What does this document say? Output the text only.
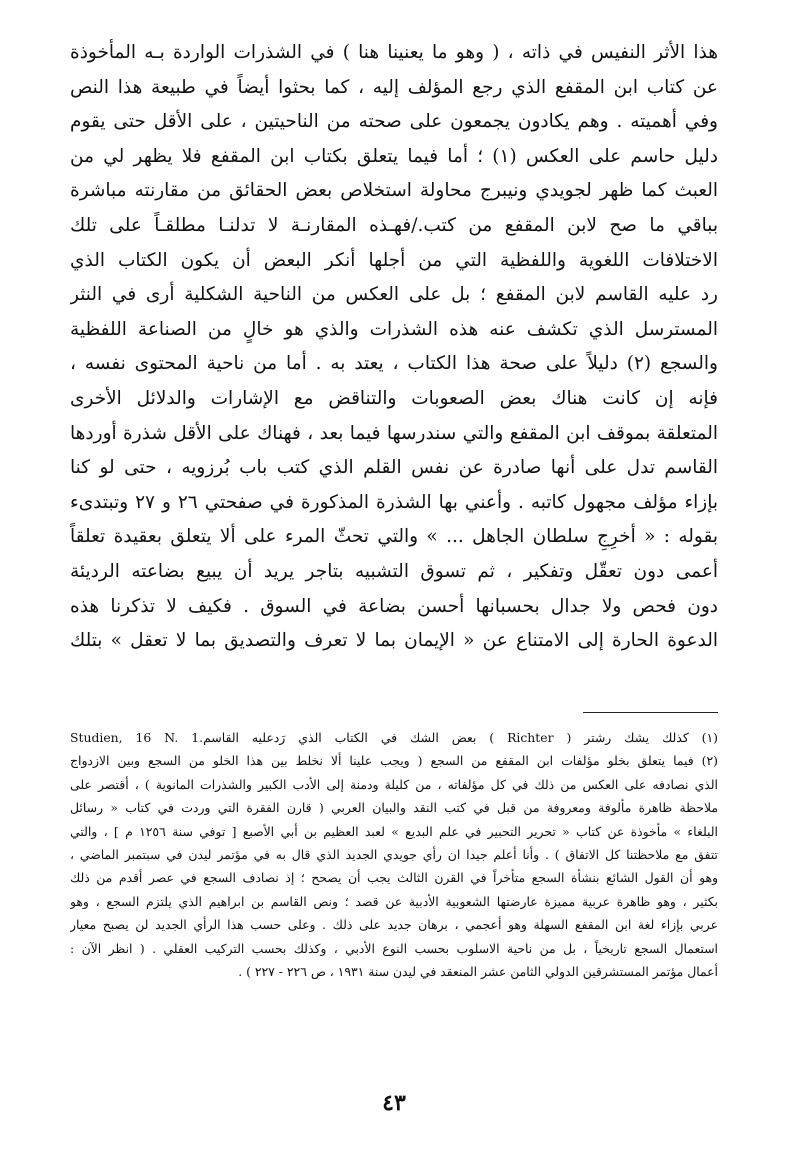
هذا الأثر النفيس في ذاته ، ( وهو ما يعنينا هنا ) في الشذرات الواردة بـه المأخوذة
عن كتاب ابن المقفع الذي رجع المؤلف إليه ، كما بحثوا أيضاً في طبيعة هذا النص
وفي أهميته . وهم يكادون يجمعون على صحته من الناحيتين ، على الأقل حتى يقوم
دليل حاسم على العكس (١) ؛ أما فيما يتعلق بكتاب ابن المقفع فلا يظهر لي من
العبث كما ظهر لجويدي ونيبرج محاولة استخلاص بعض الحقائق من مقارنته مباشرة
بباقي ما صح لابن المقفع من كتب./فهـذه المقارنـة لا تدلنـا مطلقـاً على تلك
الاختلافات اللغوية واللفظية التي من أجلها أنكر البعض أن يكون الكتاب الذي
رد عليه القاسم لابن المقفع ؛ بل على العكس من الناحية الشكلية أرى في النثر
المسترسل الذي تكشف عنه هذه الشذرات والذي هو خالٍ من الصناعة اللفظية
والسجع (٢) دليلاً على صحة هذا الكتاب ، يعتد به . أما من ناحية المحتوى نفسه ،
فإنه إن كانت هناك بعض الصعوبات والتناقض مع الإشارات والدلائل الأخرى
المتعلقة بموقف ابن المقفع والتي سندرسها فيما بعد ، فهناك على الأقل شذرة أوردها
القاسم تدل على أنها صادرة عن نفس القلم الذي كتب باب بُرزويه ، حتى لو كنا
بإزاء مؤلف مجهول كاتبه . وأعني بها الشذرة المذكورة في صفحتي ٢٦ و ٢٧ وتبتدىء
بقوله : « أخرِجِ سلطان الجاهل ... » والتي تحثّ المرء على ألا يتعلق بعقيدة تعلقاً
أعمى دون تعقّل وتفكير ، ثم تسوق التشبيه بتاجر يريد أن يبيع بضاعته الرديئة
دون فحص ولا جدال بحسبانها أحسن بضاعة في السوق . فكيف لا تذكرنا هذه
الدعوة الحارة إلى الامتناع عن « الإيمان بما لا تعرف والتصديق بما لا تعقل » بتلك
(١) كذلك يشك رشتر ( Richter ) بعض الشك في الكتاب الذي رَدعليه القاسم.Studien, 16 N. 1
(٢) فيما يتعلق بخلو مؤلفات ابن المقفع من السجع ( ويجب علينا ألا نخلط بين هذا الخلو من السجع وبين الازدواج
الذي نصادفه على العكس من ذلك في كل مؤلفاته ، من كليلة ودمنة إلى الأدب الكبير والشذرات المانوية ) ، أقتصر على
ملاحظة ظاهرة مألوفة ومعروفة من قبل في كتب النقد والبيان العربي ( قارن الفقرة التي وردت في كتاب « رسائل
البلغاء » مأخوذة عن كتاب « تحرير التحبير في علم البديع » لعبد العظيم بن أبي الأصبع [ توفي سنة ١٢٥٦ م ] ، والتي
تتفق مع ملاحظتنا كل الاتفاق ) . وأنا أعلم جيدا ان رأي جويدي الجديد الذي قال به في مؤتمر ليدن في سبتمبر الماضي ،
وهو أن القول الشائع بنشأة السجع متأخراً في القرن الثالث يجب أن يصحح ؛ إذ نصادف السجع في عصر أقدم من ذلك
بكثير ، وهو ظاهرة عربية مميزة عارضتها الشعوبية الأدبية عن قصد ؛ ونص القاسم بن ابراهيم الذي يلتزم السجع ، وهو
عربي بإزاء لغة ابن المقفع السهلة وهو أعجمي ، برهان جديد على ذلك . وعلى حسب هذا الرأي الجديد لن يصبح معيار
استعمال السجع تاريخياً ، بل من ناحية الاسلوب بحسب النوع الأدبي ، وكذلك بحسب التركيب العقلي . ( انظر الآن :
أعمال مؤتمر المستشرقين الدولي الثامن عشر المنعقد في ليدن سنة ١٩٣١ ، ص ٢٢٦ - ٢٢٧ ) .
٤٣
